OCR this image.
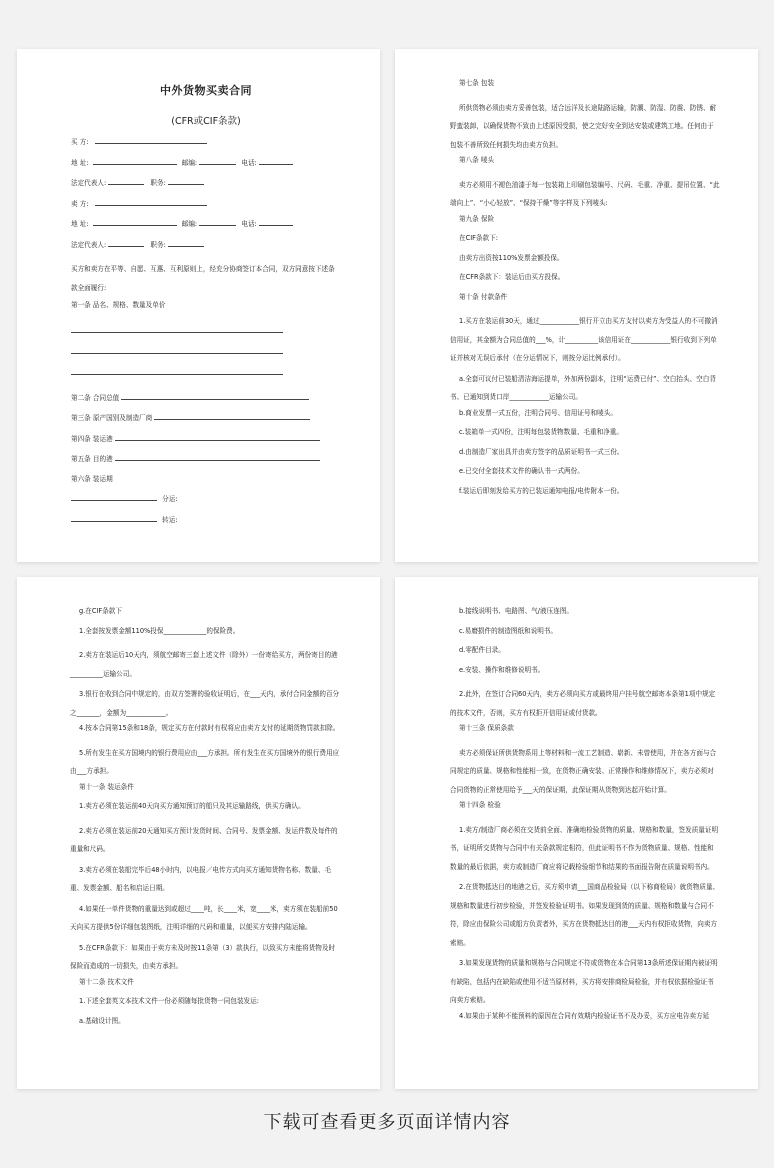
中外货物买卖合同
(CFR或CIF条款)
买 方:
地 址:	邮编:	电话:
法定代表人:	职务:
卖 方:
地 址:	邮编:	电话:
法定代表人:	职务:
买方和卖方在平等、自愿、互惠、互利原则上，经充分协商签订本合同，双方同意按下述条款全面履行:
第一条 品名、规格、数量及单价
第二条 合同总值
第三条 原产国别及制造厂商
第四条 装运港
第五条 目的港
第六条 装运期
分运:
转运:
第七条 包装
所供货物必须由卖方妥善包装，适合远洋及长途陆路运输，防潮、防湿、防震、防锈、耐野蛮装卸，以确保货物不致由上述原因受损，使之完好安全到达安装或建筑工地。任何由于包装不善所致任何损失均由卖方负担。
第八条 唛头
卖方必须用不褪色油漆于每一包装箱上印刷包装编号、尺码、毛重、净重、提吊位置、“此端向上”、“小心轻放”、“保持干燥”等字样及下列唛头:
第九条 保险
在CIF条款下:
由卖方出资按110%发票金额投保。
在CFR条款下：装运后由买方投保。
第十条 付款条件
1.买方在装运前30天，通过____________银行开立由买方支付以卖方为受益人的不可撤消信用证，其金额为合同总值的___%，计__________该信用证在____________银行收到下列单证并核对无误后承付（在分运情况下，则按分运比例承付）。
a.全套可议付已装船清洁海运提单，外加两份副本，注明“运费已付”、空白抬头、空白背书、已通知到货口岸____________运输公司。
b.商业发票一式五份，注明合同号、信用证号和唛头。
c.装箱单一式四份，注明每包装货物数量、毛重和净重。
d.由制造厂家出具并由卖方签字的品质证明书一式三份。
e.已交付全套技术文件的确认书一式两份。
f.装运后即刻发给买方的已装运通知电报/电传附本一份。
g.在CIF条款下
1.全套按发票金额110%投保_____________的保险费。
2.卖方在装运后10天内，须航空邮寄三套上述文件（除外）一份寄给买方，两份寄目的港__________运输公司。
3.银行在收到合同中规定的，由双方签署的验收证明后，在___天内，承付合同金额的百分之_______，金额为____________。
4.按本合同第15条和18条，规定买方在付款时有权将应由卖方支付的延期货物罚款扣除。
5.所有发生在买方国境内的银行费用应由___方承担。所有发生在买方国境外的银行费用应由___方承担。
第十一条 装运条件
1.卖方必须在装运前40天向买方通知预订的船只及其运输路线，供买方确认。
2.卖方必须在装运前20天通知买方预计发货时间、合同号、发票金额、发运件数及每件的重量和尺码。
3.卖方必须在装船完毕后48小时内，以电报／电传方式向买方通知货物名称、数量、毛重、发票金额、船名和启运日期。
4.如果任一单件货物的重量达到或超过____吨，长____米，宽____米，卖方须在装船前50天向买方提供5份详细包装图纸，注明详细的尺码和重量，以便买方安排内陆运输。
5.在CFR条款下：如果由于卖方未及时按11条第（3）款执行，以致买方未能将货物及时保险而造成的一切损失，由卖方承担。
第十二条 技术文件
1.下述全套英文本技术文件一份必须随每批货物一同包装发运:
a.基础设计图。
b.接线说明书、电路图、气/液压连图。
c.易磨损件的制造图纸和说明书。
d.零配件目录。
e.安装、操作和维修说明书。
2.此外，在签订合同60天内，卖方必须向买方或最终用户挂号航空邮寄本条第1项中规定的技术文件，否则，买方有权拒开信用证或付货款。
第十三条 保质条款
卖方必须保证所供货物系用上等材料和一流工艺制造、崭新、未曾使用，并在各方面与合同规定的质量、规格和性能相一致，在货物正确安装、正常操作和维修情况下，卖方必须对合同货物的正常使用给予___天的保证期，此保证期从货物到达起开始计算。
第十四条 检验
1.卖方/制造厂商必须在交货前全面、准确地检验货物的质量、规格和数量，签发质量证明书，证明所交货物与合同中有关条款规定相符，但此证明书不作为货物质量、规格、性能和数量的最后依据，卖方或制造厂商应将记载检验细节和结果的书面报告附在质量说明书内。
2.在货物抵达目的地港之后，买方须申请___国商品检验局（以下称商检局）就货物质量、规格和数量进行初步检验，并签发检验证明书。如果发现到货的质量、规格和数量与合同不符，除应由保险公司或船方负责者外，买方在货物抵达目的港___天内有权拒收货物，向卖方索赔。
3.如果发现货物的质量和规格与合同规定不符或货物在本合同第13条所述保证期内被证明有缺陷，包括内在缺陷或使用不适当原材料，买方将安排商检局检验，并有权依据检验证书向卖方索赔。
4.如果由于某种不能预料的原因在合同有效期内检验证书不及办妥，买方应电告卖方延
下载可查看更多页面详情内容
